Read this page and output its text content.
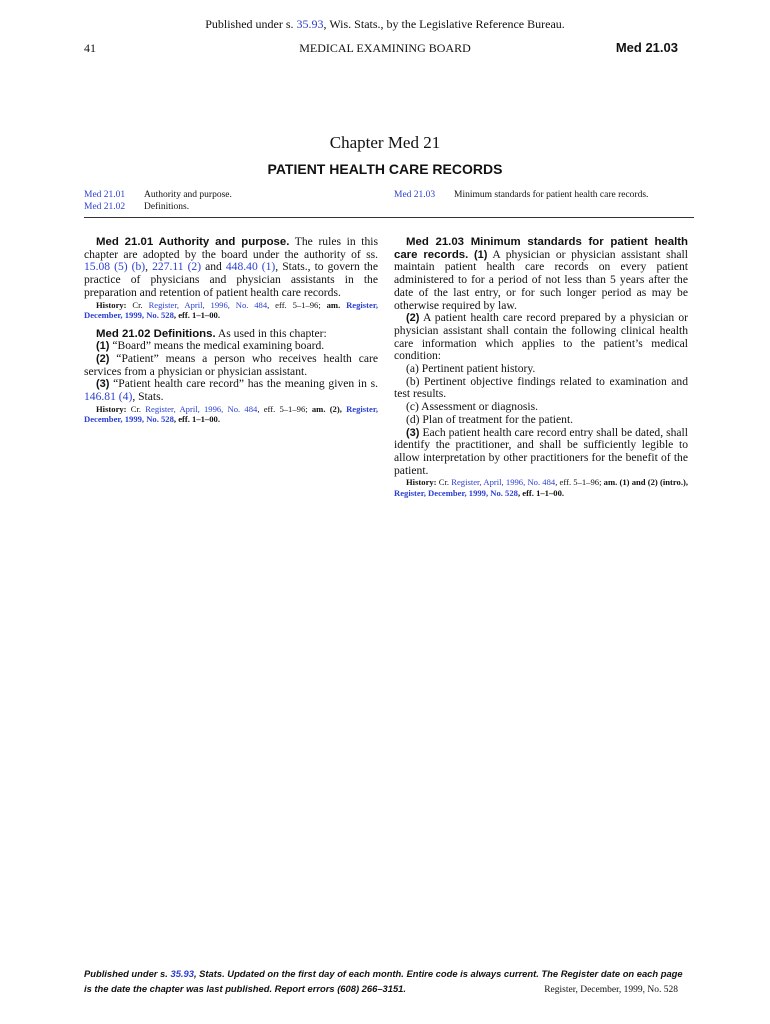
Published under s. 35.93, Wis. Stats., by the Legislative Reference Bureau.
41	MEDICAL EXAMINING BOARD	Med 21.03
Chapter Med 21
PATIENT HEALTH CARE RECORDS
Med 21.01	Authority and purpose.
Med 21.02	Definitions.
Med 21.03	Minimum standards for patient health care records.

Med 21.01 Authority and purpose. The rules in this chapter are adopted by the board under the authority of ss. 15.08 (5) (b), 227.11 (2) and 448.40 (1), Stats., to govern the practice of physicians and physician assistants in the preparation and retention of patient health care records.

History: Cr. Register, April, 1996, No. 484, eff. 5–1–96; am. Register, December, 1999, No. 528, eff. 1–1–00.

Med 21.02 Definitions. As used in this chapter:

(1) “Board” means the medical examining board.

(2) “Patient” means a person who receives health care services from a physician or physician assistant.

(3) “Patient health care record” has the meaning given in s. 146.81 (4), Stats.

History: Cr. Register, April, 1996, No. 484, eff. 5–1–96; am. (2), Register, December, 1999, No. 528, eff. 1–1–00.

Med 21.03 Minimum standards for patient health care records. (1) A physician or physician assistant shall maintain patient health care records on every patient administered to for a period of not less than 5 years after the date of the last entry, or for such longer period as may be otherwise required by law.

(2) A patient health care record prepared by a physician or physician assistant shall contain the following clinical health care information which applies to the patient’s medical condition:

(a) Pertinent patient history.

(b) Pertinent objective findings related to examination and test results.

(c) Assessment or diagnosis.

(d) Plan of treatment for the patient.

(3) Each patient health care record entry shall be dated, shall identify the practitioner, and shall be sufficiently legible to allow interpretation by other practitioners for the benefit of the patient.

History: Cr. Register, April, 1996, No. 484, eff. 5–1–96; am. (1) and (2) (intro.), Register, December, 1999, No. 528, eff. 1–1–00.

Published under s. 35.93, Stats. Updated on the first day of each month. Entire code is always current. The Register date on each page
is the date the chapter was last published. Report errors (608) 266–3151.	Register, December, 1999, No. 528
